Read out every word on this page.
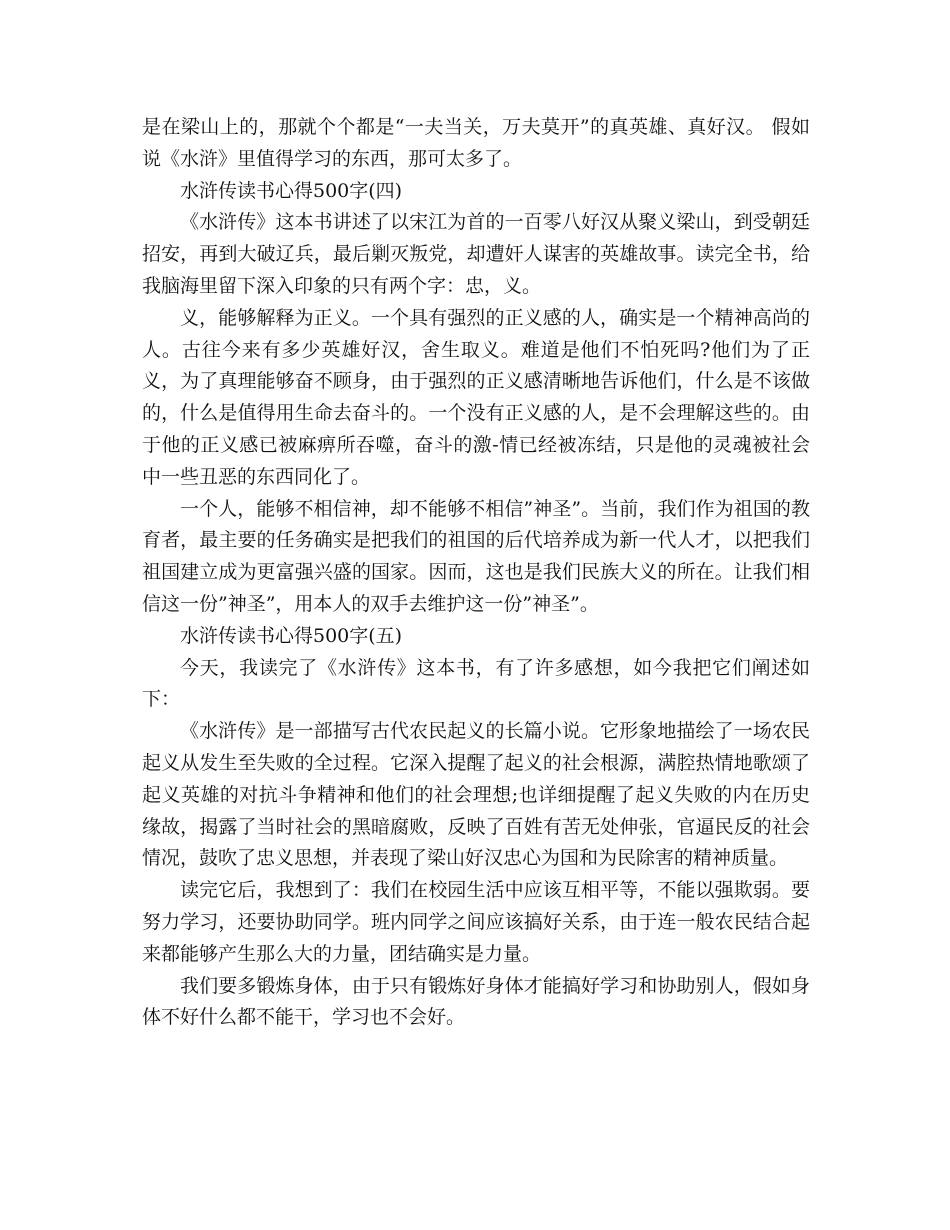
是在梁山上的，那就个个都是“一夫当关，万夫莫开”的真英雄、真好汉。 假如说《水浒》里值得学习的东西，那可太多了。

水浒传读书心得500字(四)

《水浒传》这本书讲述了以宋江为首的一百零八好汉从聚义梁山，到受朝廷招安，再到大破辽兵，最后剿灭叛党，却遭奸人谋害的英雄故事。读完全书，给我脑海里留下深入印象的只有两个字：忠，义。

义，能够解释为正义。一个具有强烈的正义感的人，确实是一个精神高尚的人。古往今来有多少英雄好汉，舍生取义。难道是他们不怕死吗?他们为了正义，为了真理能够奋不顾身，由于强烈的正义感清晰地告诉他们，什么是不该做的，什么是值得用生命去奋斗的。一个没有正义感的人，是不会理解这些的。由于他的正义感已被麻痹所吞噬，奋斗的激-情已经被冻结，只是他的灵魂被社会中一些丑恶的东西同化了。

一个人，能够不相信神，却不能够不相信”神圣”。当前，我们作为祖国的教育者，最主要的任务确实是把我们的祖国的后代培养成为新一代人才，以把我们祖国建立成为更富强兴盛的国家。因而，这也是我们民族大义的所在。让我们相信这一份”神圣”，用本人的双手去维护这一份”神圣”。

水浒传读书心得500字(五)

今天，我读完了《水浒传》这本书，有了许多感想，如今我把它们阐述如下：

《水浒传》是一部描写古代农民起义的长篇小说。它形象地描绘了一场农民起义从发生至失败的全过程。它深入提醒了起义的社会根源，满腔热情地歌颂了起义英雄的对抗斗争精神和他们的社会理想;也详细提醒了起义失败的内在历史缘故，揭露了当时社会的黑暗腐败，反映了百姓有苦无处伸张，官逼民反的社会情况，鼓吹了忠义思想，并表现了梁山好汉忠心为国和为民除害的精神质量。

读完它后，我想到了：我们在校园生活中应该互相平等，不能以强欺弱。要努力学习，还要协助同学。班内同学之间应该搞好关系，由于连一般农民结合起来都能够产生那么大的力量，团结确实是力量。

我们要多锻炼身体，由于只有锻炼好身体才能搞好学习和协助别人，假如身体不好什么都不能干，学习也不会好。
